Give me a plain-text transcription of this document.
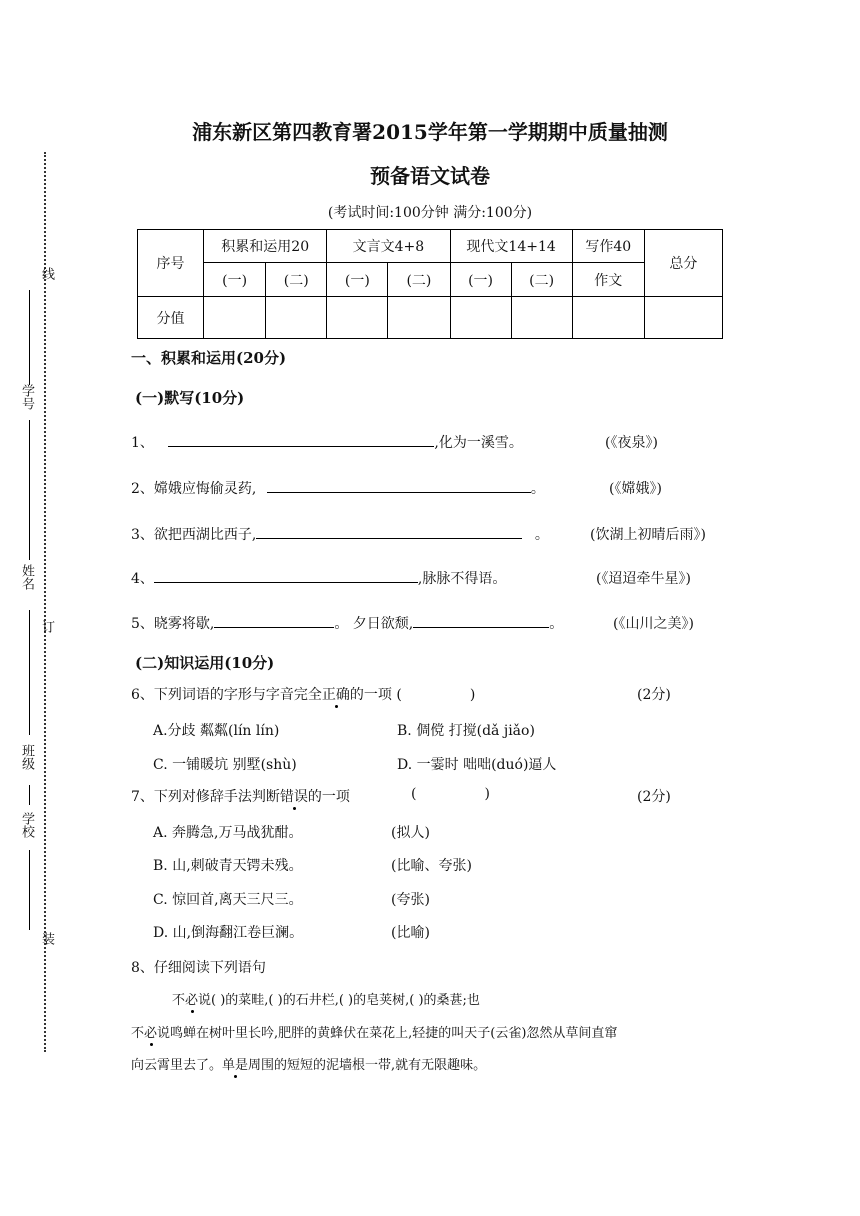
线
学号
姓名
订
班级
学校
装
浦东新区第四教育署2015学年第一学期期中质量抽测
预备语文试卷
(考试时间:100分钟 满分:100分)
序号	积累和运用20		文言文4+8		现代文14+14		写作40	总分
	(一)	(二)	(一)	(二)	(一)	(二)	作文	
分值								
一、积累和运用(20分)
(一)默写(10分)
1、	,化为一溪雪。	(《夜泉》)
2、嫦娥应悔偷灵药,	。	(《嫦娥》)
3、欲把西湖比西子,	。	(饮湖上初晴后雨》)
4、	,脉脉不得语。	(《迢迢牵牛星》)
5、晓雾将歇,	。 夕日欲颓,	。	(《山川之美》)
(二)知识运用(10分)
6、下列词语的字形与字音完全正确的一项 (	)	(2分)
A.分歧 粼粼(lín lín)	B. 倜傥 打搅(dǎ jiǎo)
C. 一铺暖坑 别墅(shù)	D. 一霎时 咄咄(duó)逼人
7、下列对修辞手法判断错误的一项	(	)	(2分)
A. 奔腾急,万马战犹酣。	(拟人)
B. 山,刺破青天锷未残。	(比喻、夸张)
C. 惊回首,离天三尺三。	(夸张)
D. 山,倒海翻江卷巨澜。	(比喻)
8、仔细阅读下列语句
不必说( )的菜畦,( )的石井栏,( )的皂荚树,( )的桑葚;也
不必说鸣蝉在树叶里长吟,肥胖的黄蜂伏在菜花上,轻捷的叫天子(云雀)忽然从草间直窜
向云霄里去了。单是周围的短短的泥墙根一带,就有无限趣味。
